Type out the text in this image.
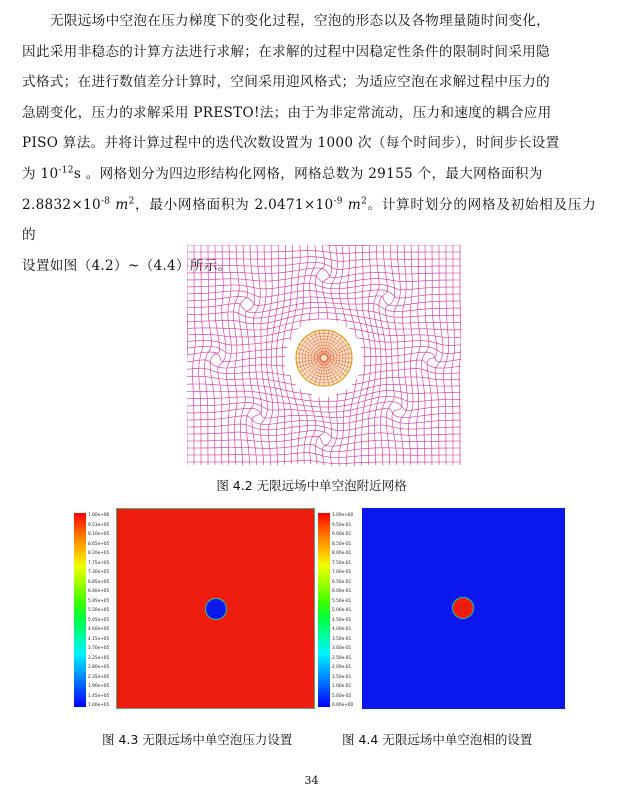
无限远场中空泡在压力梯度下的变化过程，空泡的形态以及各物理量随时间变化，

因此采用非稳态的计算方法进行求解；在求解的过程中因稳定性条件的限制时间采用隐
式格式；在进行数值差分计算时，空间采用迎风格式；为适应空泡在求解过程中压力的
急剧变化，压力的求解采用 PRESTO!法；由于为非定常流动，压力和速度的耦合应用
PISO 算法。并将计算过程中的迭代次数设置为 1000 次（每个时间步），时间步长设置
为 $10^{-12}s$ 。网格划分为四边形结构化网格，网格总数为 29155 个，最大网格面积为
$2.8832\times 10^{-8}$ $m^2$，最小网格面积为 $2.0471\times 10^{-9}$ $m^2$。计算时划分的网格及初始相及压力的
设置如图（4.2）~（4.4）所示。
图 4.2 无限远场中单空泡附近网格
1.00e+06
9.53e+05
9.10e+05
8.65e+05
8.20e+05
7.75e+05
7.30e+05
6.85e+05
6.40e+05
5.95e+05
5.50e+05
5.05e+05
4.60e+05
4.15e+05
3.70e+05
3.25e+05
2.80e+05
2.35e+05
1.90e+05
1.45e+05
1.00e+05
图 4.3 无限远场中单空泡压力设置
1.00e+00
9.50e-01
9.00e-01
8.50e-01
8.00e-01
7.50e-01
7.00e-01
6.50e-01
6.00e-01
5.50e-01
5.00e-01
4.50e-01
4.00e-01
3.50e-01
3.00e-01
2.50e-01
2.00e-01
1.50e-01
1.00e-01
5.00e-02
0.00e+00
图 4.4 无限远场中单空泡相的设置
34
